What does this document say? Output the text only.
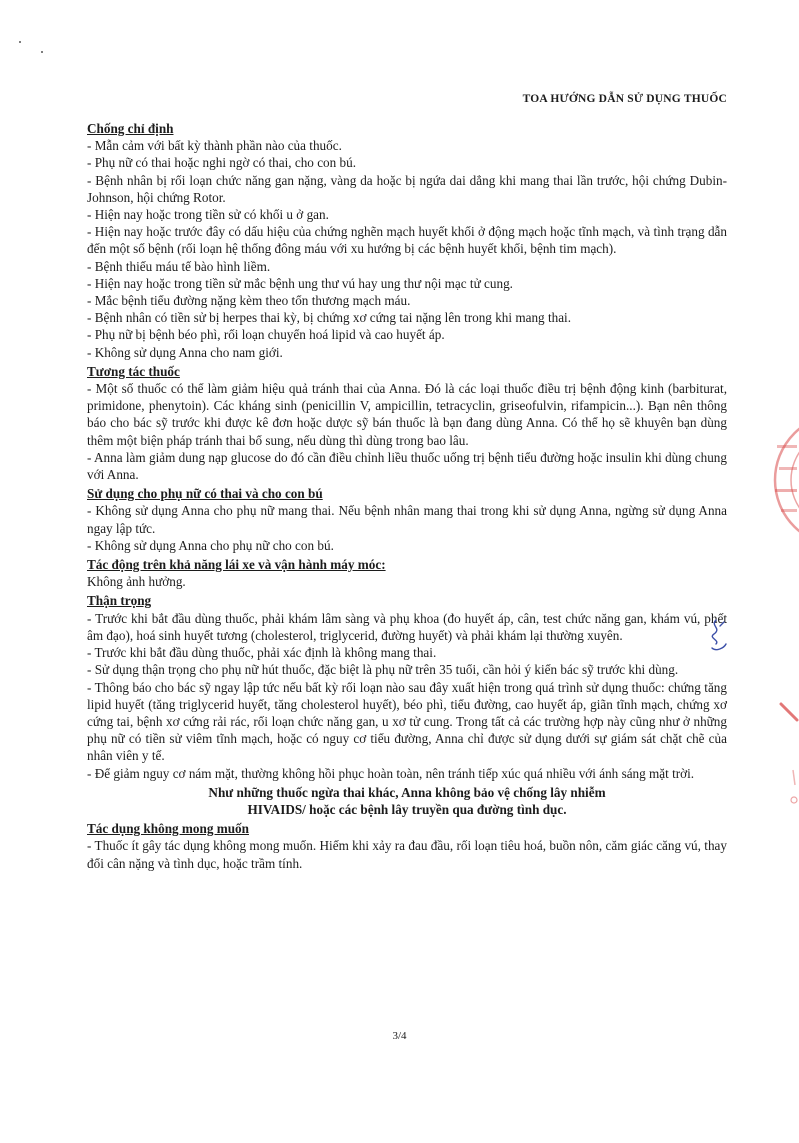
TOA HƯỚNG DẪN SỬ DỤNG THUỐC
Chống chỉ định

- Mẫn cảm với bất kỳ thành phần nào của thuốc.

- Phụ nữ có thai hoặc nghi ngờ có thai, cho con bú.

- Bệnh nhân bị rối loạn chức năng gan nặng, vàng da hoặc bị ngứa dai dẳng khi mang thai lần trước, hội chứng Dubin-Johnson, hội chứng Rotor.

- Hiện nay hoặc trong tiền sử có khối u ở gan.

- Hiện nay hoặc trước đây có dấu hiệu của chứng nghẽn mạch huyết khối ở động mạch hoặc tĩnh mạch, và tình trạng dẫn đến một số bệnh (rối loạn hệ thống đông máu với xu hướng bị các bệnh huyết khối, bệnh tim mạch).

- Bệnh thiếu máu tế bào hình liềm.

- Hiện nay hoặc trong tiền sử mắc bệnh ung thư vú hay ung thư nội mạc tử cung.

- Mắc bệnh tiểu đường nặng kèm theo tổn thương mạch máu.

- Bệnh nhân có tiền sử bị herpes thai kỳ, bị chứng xơ cứng tai nặng lên trong khi mang thai.

- Phụ nữ bị bệnh béo phì, rối loạn chuyển hoá lipid và cao huyết áp.

- Không sử dụng Anna cho nam giới.

Tương tác thuốc

- Một số thuốc có thể làm giảm hiệu quả tránh thai của Anna. Đó là các loại thuốc điều trị bệnh động kinh (barbiturat, primidone, phenytoin). Các kháng sinh (penicillin V, ampicillin, tetracyclin, griseofulvin, rifampicin...). Bạn nên thông báo cho bác sỹ trước khi được kê đơn hoặc dược sỹ bán thuốc là bạn đang dùng Anna. Có thể họ sẽ khuyên bạn dùng thêm một biện pháp tránh thai bổ sung, nếu dùng thì dùng trong bao lâu.

- Anna làm giảm dung nạp glucose do đó cần điều chỉnh liều thuốc uống trị bệnh tiểu đường hoặc insulin khi dùng chung với Anna.

Sử dụng cho phụ nữ có thai và cho con bú

- Không sử dụng Anna cho phụ nữ mang thai. Nếu bệnh nhân mang thai trong khi sử dụng Anna, ngừng sử dụng Anna ngay lập tức.

- Không sử dụng Anna cho phụ nữ cho con bú.

Tác động trên khả năng lái xe và vận hành máy móc:

Không ảnh hưởng.

Thận trọng

- Trước khi bắt đầu dùng thuốc, phải khám lâm sàng và phụ khoa (đo huyết áp, cân, test chức năng gan, khám vú, phết âm đạo), hoá sinh huyết tương (cholesterol, triglycerid, đường huyết) và phải khám lại thường xuyên.

- Trước khi bắt đầu dùng thuốc, phải xác định là không mang thai.

- Sử dụng thận trọng cho phụ nữ hút thuốc, đặc biệt là phụ nữ trên 35 tuổi, cần hỏi ý kiến bác sỹ trước khi dùng.

- Thông báo cho bác sỹ ngay lập tức nếu bất kỳ rối loạn nào sau đây xuất hiện trong quá trình sử dụng thuốc: chứng tăng lipid huyết (tăng triglycerid huyết, tăng cholesterol huyết), béo phì, tiểu đường, cao huyết áp, giãn tĩnh mạch, chứng xơ cứng tai, bệnh xơ cứng rải rác, rối loạn chức năng gan, u xơ tử cung. Trong tất cả các trường hợp này cũng như ở những phụ nữ có tiền sử viêm tĩnh mạch, hoặc có nguy cơ tiểu đường, Anna chỉ được sử dụng dưới sự giám sát chặt chẽ của nhân viên y tế.

- Để giảm nguy cơ nám mặt, thường không hồi phục hoàn toàn, nên tránh tiếp xúc quá nhiều với ánh sáng mặt trời.

Như những thuốc ngừa thai khác, Anna không bảo vệ chống lây nhiễm
HIVAIDS/ hoặc các bệnh lây truyền qua đường tình dục.
Tác dụng không mong muốn

- Thuốc ít gây tác dụng không mong muốn. Hiếm khi xảy ra đau đầu, rối loạn tiêu hoá, buồn nôn, căm giác căng vú, thay đổi cân nặng và tình dục, hoặc trầm tính.

3/4
